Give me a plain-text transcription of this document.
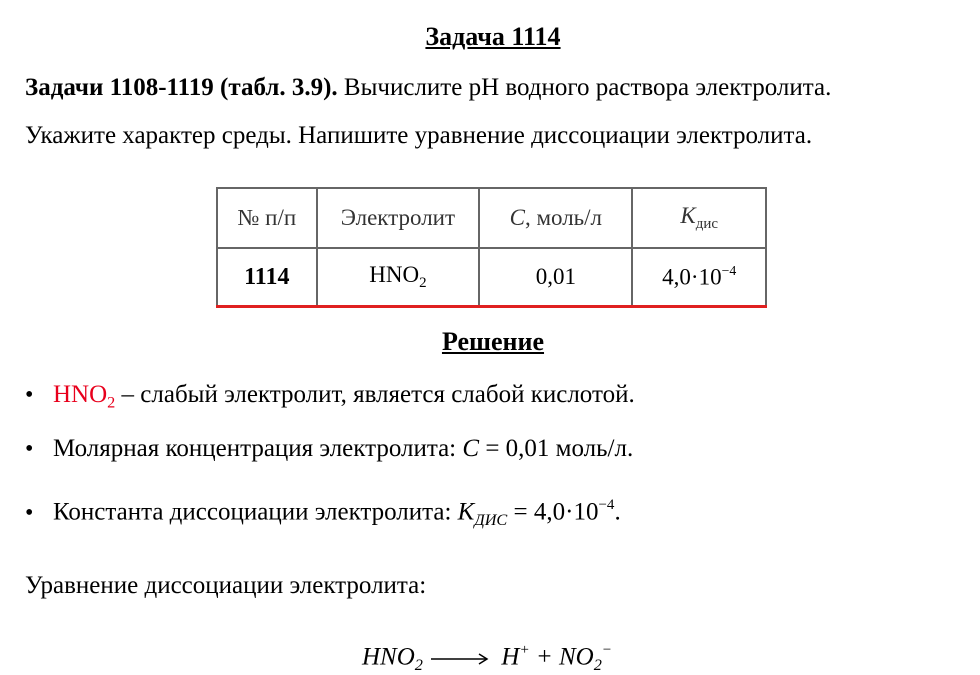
Задача 1114
Задачи 1108-1119 (табл. 3.9). Вычислите рН водного раствора электролита.
Укажите характер среды. Напишите уравнение диссоциации электролита.
№ п/п	Электролит	С, моль/л	$K_{дис}$
1114	$HNO_2$	0,01	$4,0\cdot 10^{-4}$
Решение
$•HNO_2$ – слабый электролит, является слабой кислотой.
•Молярная концентрация электролита: C = 0,01 моль/л.
•Константа диссоциации электролита: $K_{ДИС} = 4,0\cdot 10^{-4}$.
Уравнение диссоциации электролита:
$HNO_2 \to H^+ + NO_2^-$
